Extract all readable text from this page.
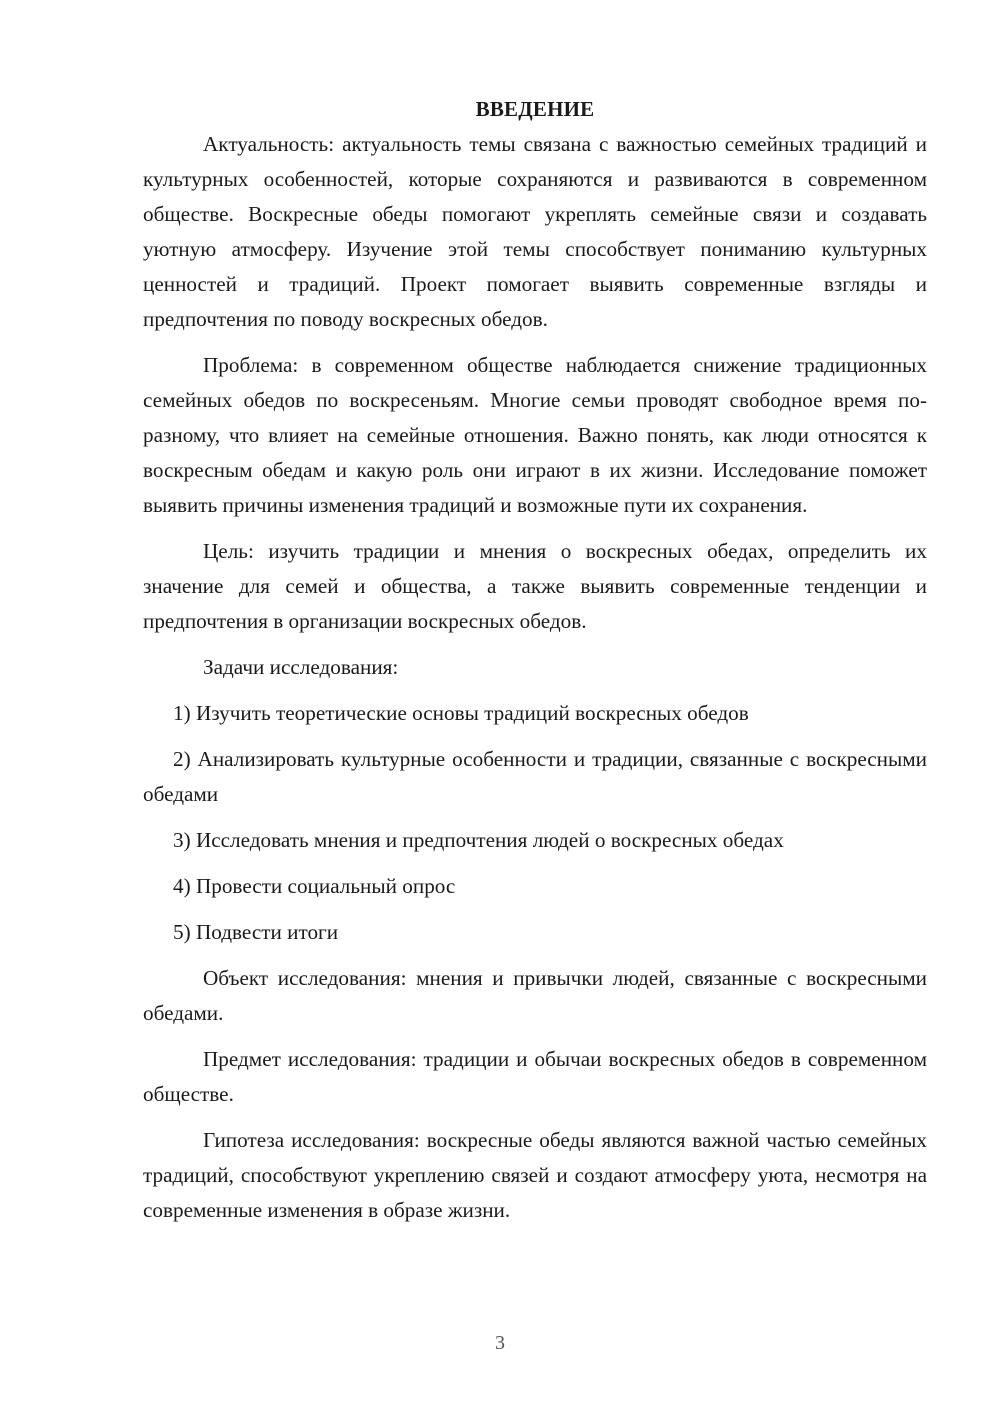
ВВЕДЕНИЕ

Актуальность: актуальность темы связана с важностью семейных традиций и культурных особенностей, которые сохраняются и развиваются в современном обществе. Воскресные обеды помогают укреплять семейные связи и создавать уютную атмосферу. Изучение этой темы способствует пониманию культурных ценностей и традиций. Проект помогает выявить современные взгляды и предпочтения по поводу воскресных обедов.

Проблема: в современном обществе наблюдается снижение традиционных семейных обедов по воскресеньям. Многие семьи проводят свободное время по-разному, что влияет на семейные отношения. Важно понять, как люди относятся к воскресным обедам и какую роль они играют в их жизни. Исследование поможет выявить причины изменения традиций и возможные пути их сохранения.

Цель: изучить традиции и мнения о воскресных обедах, определить их значение для семей и общества, а также выявить современные тенденции и предпочтения в организации воскресных обедов.

Задачи исследования:

1) Изучить теоретические основы традиций воскресных обедов

2) Анализировать культурные особенности и традиции, связанные с воскресными обедами

3) Исследовать мнения и предпочтения людей о воскресных обедах

4) Провести социальный опрос

5) Подвести итоги

Объект исследования: мнения и привычки людей, связанные с воскресными обедами.

Предмет исследования: традиции и обычаи воскресных обедов в современном обществе.

Гипотеза исследования: воскресные обеды являются важной частью семейных традиций, способствуют укреплению связей и создают атмосферу уюта, несмотря на современные изменения в образе жизни.

3
